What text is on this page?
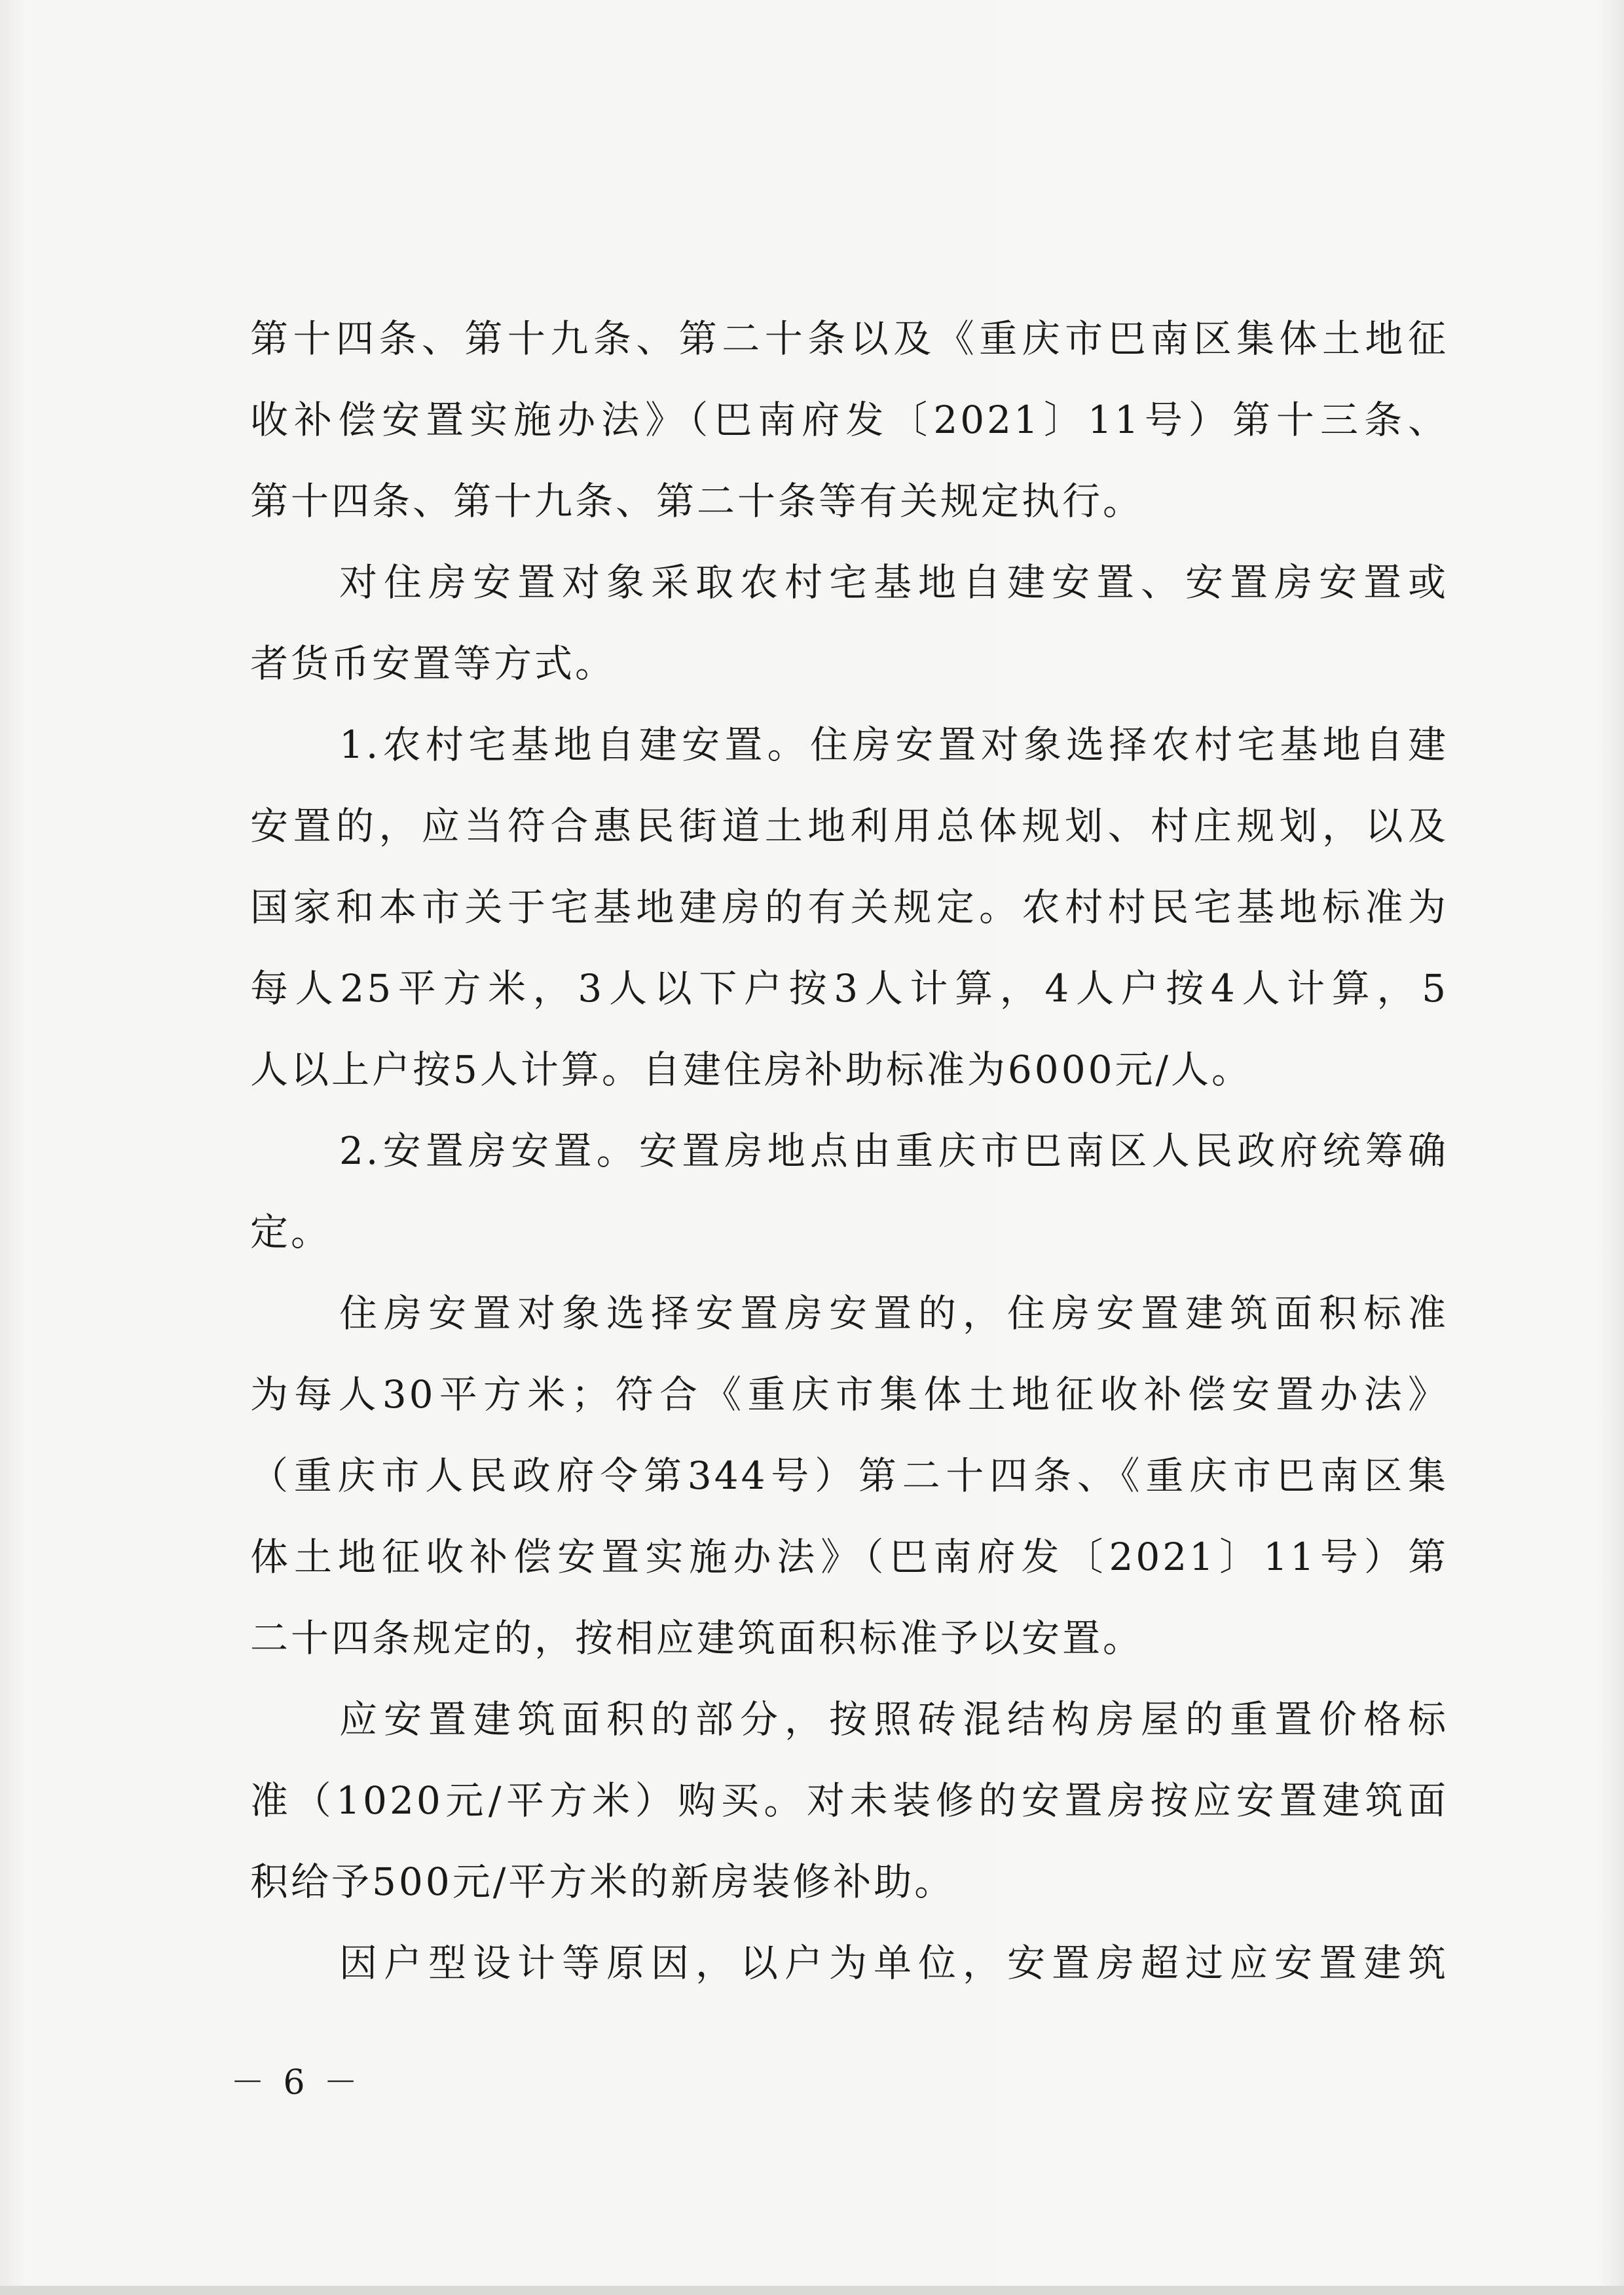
第十四条、第十九条、第二十条以及《重庆市巴南区集体土地征
收补偿安置实施办法》（巴南府发〔2021〕11号）第十三条、
第十四条、第十九条、第二十条等有关规定执行。
对住房安置对象采取农村宅基地自建安置、安置房安置或
者货币安置等方式。
1.农村宅基地自建安置。住房安置对象选择农村宅基地自建
安置的，应当符合惠民街道土地利用总体规划、村庄规划，以及
国家和本市关于宅基地建房的有关规定。农村村民宅基地标准为
每人25平方米，3人以下户按3人计算，4人户按4人计算，5
人以上户按5人计算。自建住房补助标准为6000元/人。
2.安置房安置。安置房地点由重庆市巴南区人民政府统筹确
定。
住房安置对象选择安置房安置的，住房安置建筑面积标准
为每人30平方米；符合《重庆市集体土地征收补偿安置办法》
（重庆市人民政府令第344号）第二十四条、《重庆市巴南区集
体土地征收补偿安置实施办法》（巴南府发〔2021〕11号）第
二十四条规定的，按相应建筑面积标准予以安置。
应安置建筑面积的部分，按照砖混结构房屋的重置价格标
准（1020元/平方米）购买。对未装修的安置房按应安置建筑面
积给予500元/平方米的新房装修补助。
因户型设计等原因，以户为单位，安置房超过应安置建筑
－ 6 －
